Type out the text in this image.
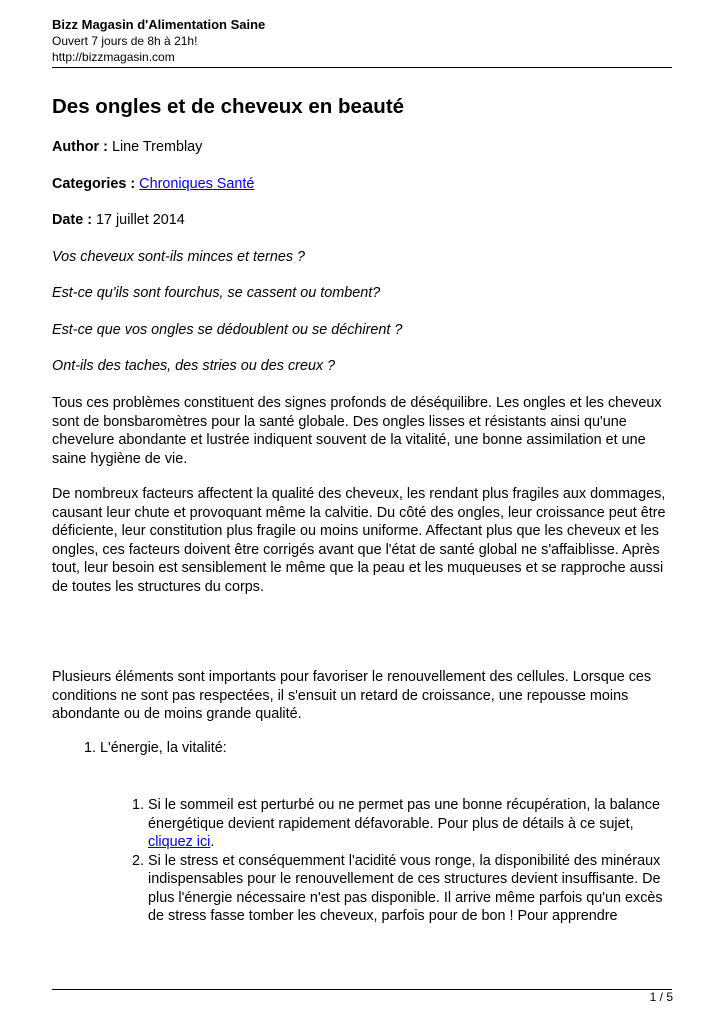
Bizz Magasin d'Alimentation Saine
Ouvert 7 jours de 8h à 21h!
http://bizzmagasin.com
Des ongles et de cheveux en beauté
Author : Line Tremblay
Categories : Chroniques Santé
Date : 17 juillet 2014
Vos cheveux sont-ils minces et ternes ?
Est-ce qu'ils sont fourchus, se cassent ou tombent?
Est-ce que vos ongles se dédoublent ou se déchirent ?
Ont-ils des taches, des stries ou des creux ?

Tous ces problèmes constituent des signes profonds de déséquilibre. Les ongles et les cheveux sont de bonsbaromètres pour la santé globale. Des ongles lisses et résistants ainsi qu'une chevelure abondante et lustrée indiquent souvent de la vitalité, une bonne assimilation et une saine hygiène de vie.

De nombreux facteurs affectent la qualité des cheveux, les rendant plus fragiles aux dommages, causant leur chute et provoquant même la calvitie. Du côté des ongles, leur croissance peut être déficiente, leur constitution plus fragile ou moins uniforme. Affectant plus que les cheveux et les ongles, ces facteurs doivent être corrigés avant que l'état de santé global ne s'affaiblisse. Après tout, leur besoin est sensiblement le même que la peau et les muqueuses et se rapproche aussi de toutes les structures du corps.

Plusieurs éléments sont importants pour favoriser le renouvellement des cellules. Lorsque ces conditions ne sont pas respectées, il s'ensuit un retard de croissance, une repousse moins abondante ou de moins grande qualité.

1. L'énergie, la vitalité:
1. Si le sommeil est perturbé ou ne permet pas une bonne récupération, la balance énergétique devient rapidement défavorable. Pour plus de détails à ce sujet, cliquez ici.
2. Si le stress et conséquemment l'acidité vous ronge, la disponibilité des minéraux indispensables pour le renouvellement de ces structures devient insuffisante. De plus l'énergie nécessaire n'est pas disponible. Il arrive même parfois qu'un excès de stress fasse tomber les cheveux, parfois pour de bon ! Pour apprendre
1 / 5
